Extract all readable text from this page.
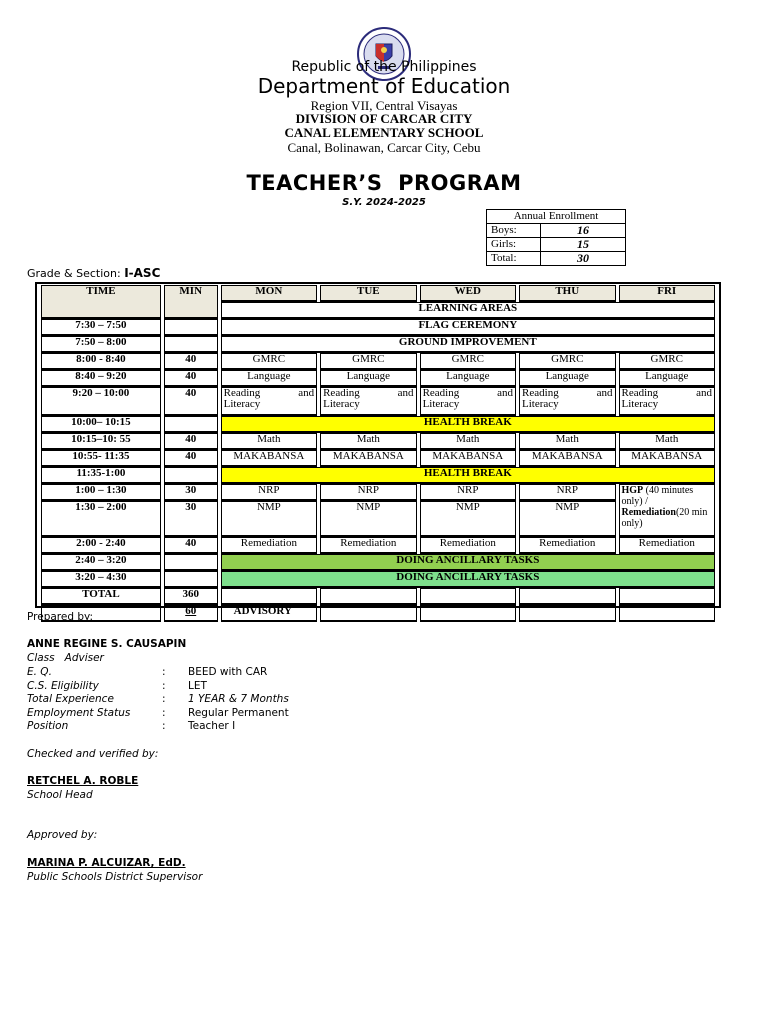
Republic of the Philippines
Department of Education
Region VII, Central Visayas
DIVISION OF CARCAR CITY
CANAL ELEMENTARY SCHOOL
Canal, Bolinawan, Carcar City, Cebu
TEACHER’S  PROGRAM
S.Y. 2024-2025
Annual Enrollment	
Boys:	16
Girls:	15
Total:	30
Grade & Section: I-ASC
TIME	MIN	MON	TUE	WED	THU	FRI
		LEARNING AREAS				
7:30 – 7:50		FLAG CEREMONY				
7:50 – 8:00		GROUND IMPROVEMENT				
8:00 - 8:40	40	GMRC	GMRC	GMRC	GMRC	GMRC
8:40 – 9:20	40	Language	Language	Language	Language	Language
9:20 – 10:00	40	Reading and Literacy	Reading and Literacy	Reading and Literacy	Reading and Literacy	Reading and Literacy
10:00– 10:15		HEALTH BREAK				
10:15–10: 55	40	Math	Math	Math	Math	Math
10:55- 11:35	40	MAKABANSA	MAKABANSA	MAKABANSA	MAKABANSA	MAKABANSA
11:35-1:00		HEALTH BREAK				
1:00 – 1:30	30	NRP	NRP	NRP	NRP	HGP (40 minutes only) /
Remediation(20 min only)
1:30 – 2:00	30	NMP	NMP	NMP	NMP	
2:00 - 2:40	40	Remediation	Remediation	Remediation	Remediation	Remediation
2:40 – 3:20		DOING ANCILLARY TASKS				
3:20 – 4:30		DOING ANCILLARY TASKS				
TOTAL	360					
	60	ADVISORY				
Prepared by:
ANNE REGINE S. CAUSAPIN
Class   Adviser
E. Q.	: BEED with CAR
C.S. Eligibility	: LET
Total Experience	: 1 YEAR & 7 Months
Employment Status	: Regular Permanent
Position	: Teacher I
Checked and verified by:
RETCHEL A. ROBLE
School Head
Approved by:
MARINA P. ALCUIZAR, EdD.
Public Schools District Supervisor
